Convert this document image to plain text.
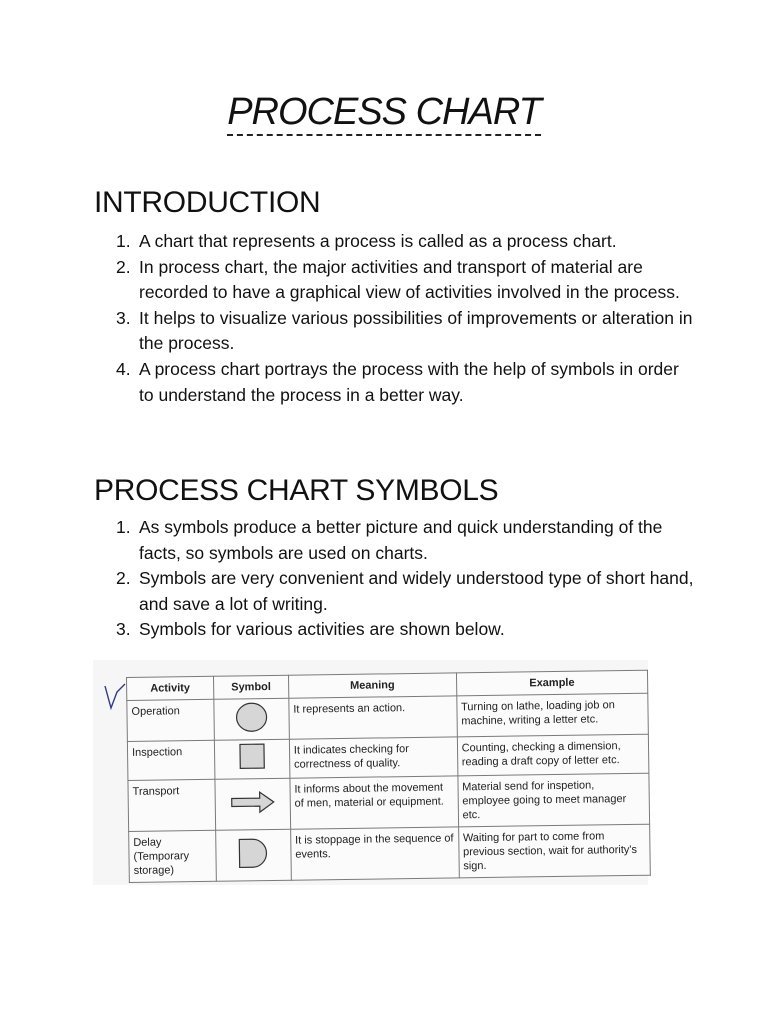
PROCESS CHART
INTRODUCTION
1. A chart that represents a process is called as a process chart.
2. In process chart, the major activities and transport of material are recorded to have a graphical view of activities involved in the process.
3. It helps to visualize various possibilities of improvements or alteration in the process.
4. A process chart portrays the process with the help of symbols in order to understand the process in a better way.
PROCESS CHART SYMBOLS
1. As symbols produce a better picture and quick understanding of the facts, so symbols are used on charts.
2. Symbols are very convenient and widely understood type of short hand, and save a lot of writing.
3. Symbols for various activities are shown below.
Activity	Symbol	Meaning	Example
Operation		It represents an action.	Turning on lathe, loading job on machine, writing a letter etc.
Inspection		It indicates checking for correctness of quality.	Counting, checking a dimension, reading a draft copy of letter etc.
Transport		It informs about the movement of men, material or equipment.	Material send for inspetion, employee going to meet manager etc.
Delay (Temporary storage)		It is stoppage in the sequence of events.	Waiting for part to come from previous section, wait for authority's sign.
